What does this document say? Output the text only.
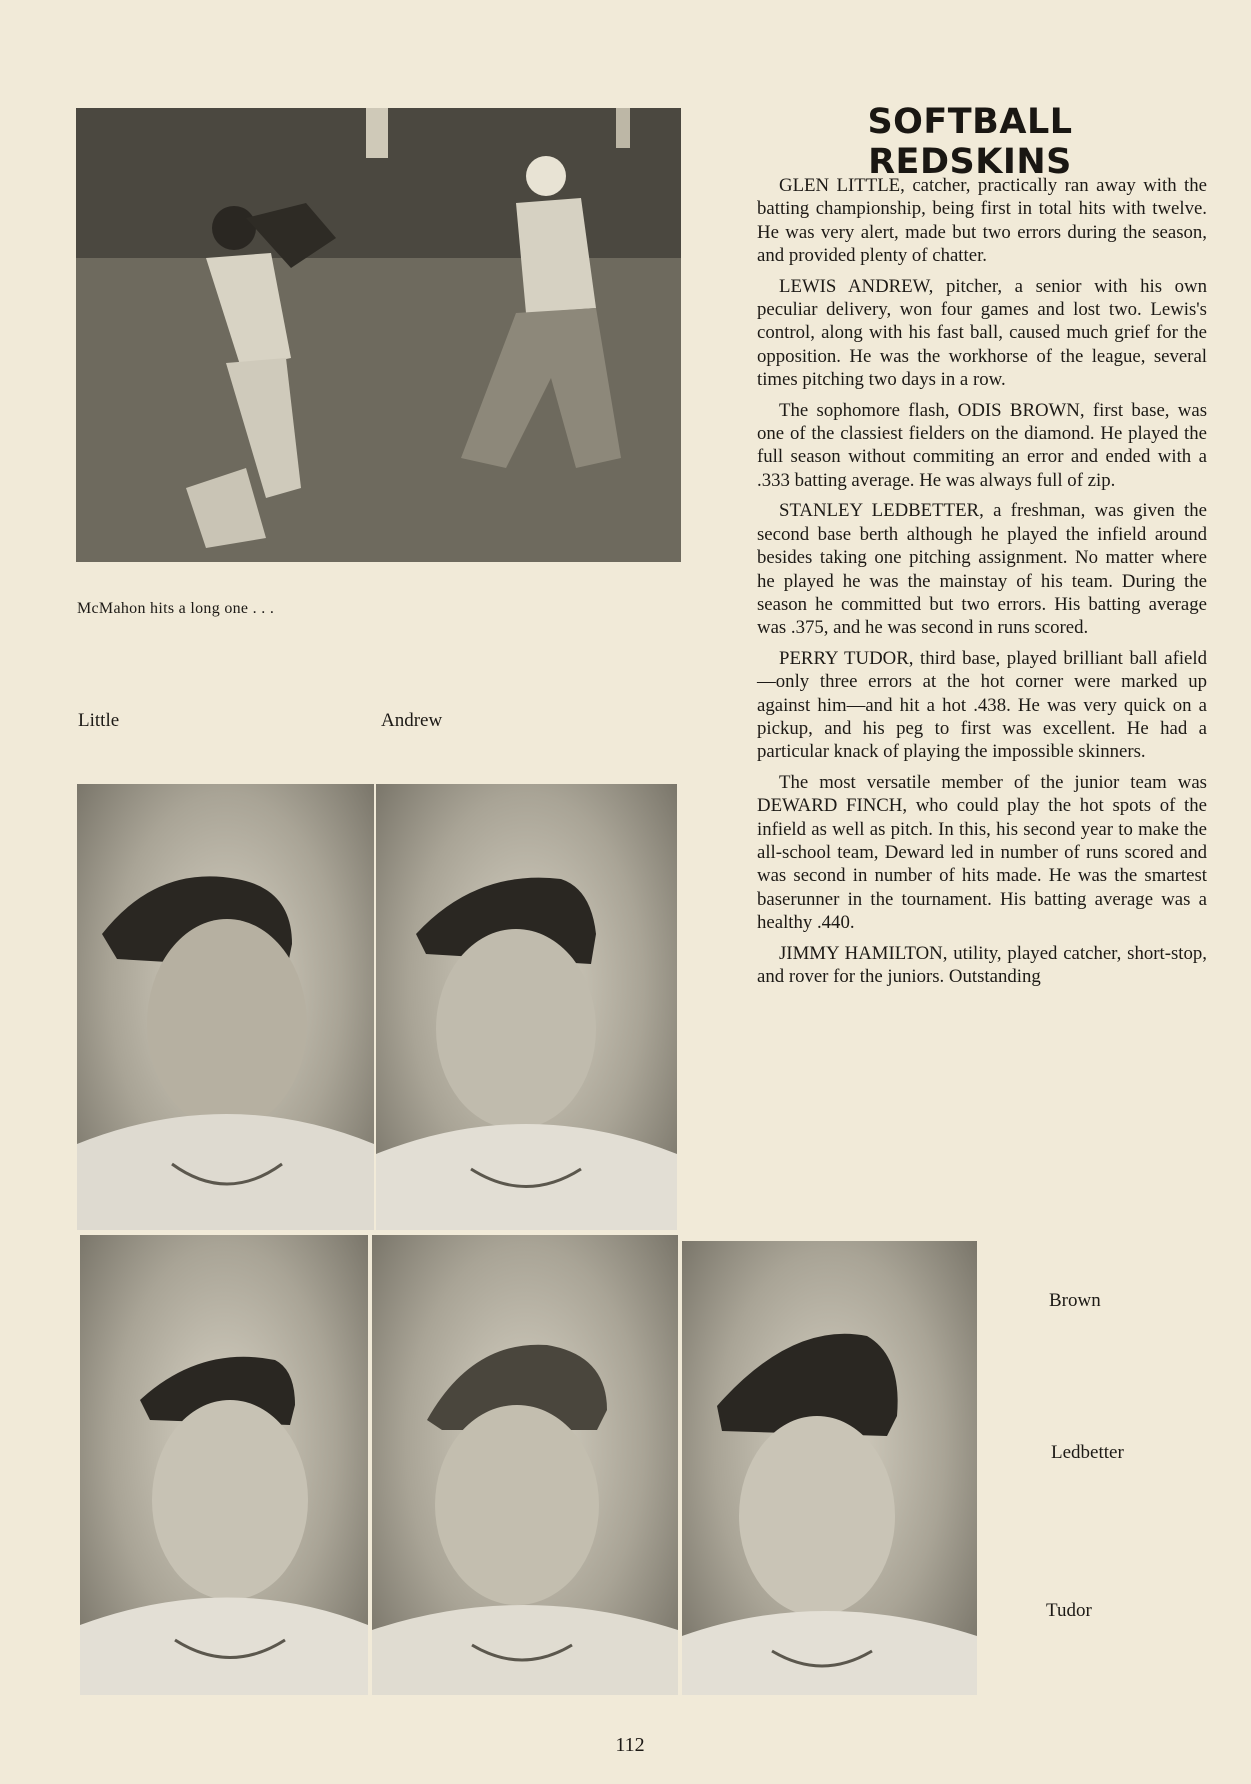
McMahon hits a long one . . .
Little	Andrew
Brown
Ledbetter
Tudor
SOFTBALL REDSKINS

GLEN LITTLE, catcher, practically ran away with the batting championship, being first in total hits with twelve. He was very alert, made but two errors during the season, and provided plenty of chatter.

LEWIS ANDREW, pitcher, a senior with his own peculiar delivery, won four games and lost two. Lewis's control, along with his fast ball, caused much grief for the opposition. He was the workhorse of the league, several times pitching two days in a row.

The sophomore flash, ODIS BROWN, first base, was one of the classiest fielders on the diamond. He played the full season without commiting an error and ended with a .333 batting average. He was always full of zip.

STANLEY LEDBETTER, a freshman, was given the second base berth although he played the infield around besides taking one pitching assignment. No matter where he played he was the mainstay of his team. During the season he committed but two errors. His batting average was .375, and he was second in runs scored.

PERRY TUDOR, third base, played brilliant ball afield—only three errors at the hot corner were marked up against him—and hit a hot .438. He was very quick on a pickup, and his peg to first was excellent. He had a particular knack of playing the impossible skinners.

The most versatile member of the junior team was DEWARD FINCH, who could play the hot spots of the infield as well as pitch. In this, his second year to make the all-school team, Deward led in number of runs scored and was second in number of hits made. He was the smartest baserunner in the tournament. His batting average was a healthy .440.

JIMMY HAMILTON, utility, played catcher, short-stop, and rover for the juniors. Outstanding

112
